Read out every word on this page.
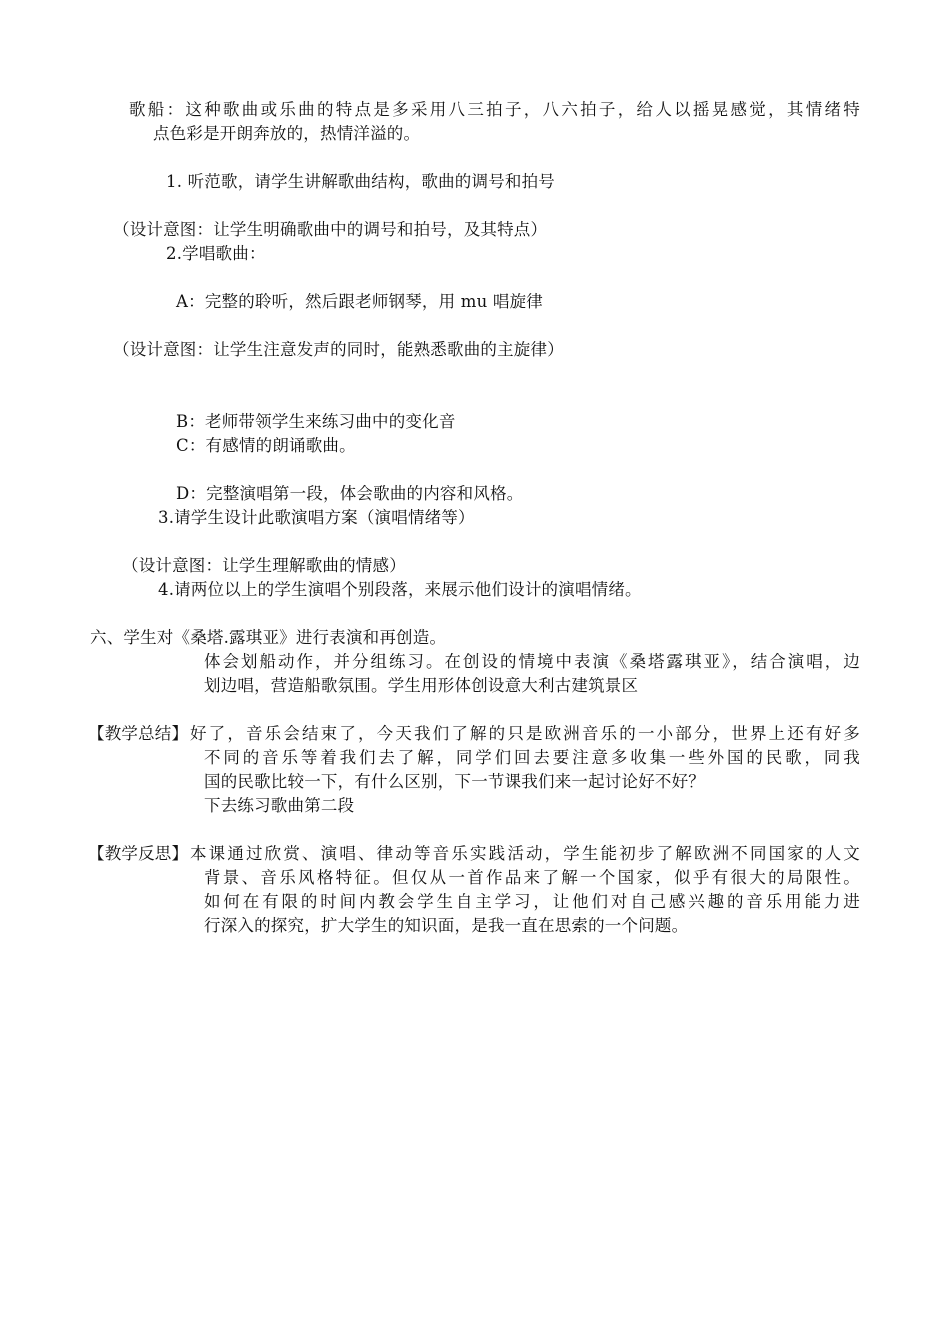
歌船：这种歌曲或乐曲的特点是多采用八三拍子，八六拍子，给人以摇晃感觉，其情绪特
点色彩是开朗奔放的，热情洋溢的。
1. 听范歌，请学生讲解歌曲结构，歌曲的调号和拍号
（设计意图：让学生明确歌曲中的调号和拍号，及其特点）
2.学唱歌曲：
A：完整的聆听，然后跟老师钢琴，用 mu 唱旋律
（设计意图：让学生注意发声的同时，能熟悉歌曲的主旋律）
B：老师带领学生来练习曲中的变化音
C：有感情的朗诵歌曲。
D：完整演唱第一段，体会歌曲的内容和风格。
3.请学生设计此歌演唱方案（演唱情绪等）
（设计意图：让学生理解歌曲的情感）
4.请两位以上的学生演唱个别段落，来展示他们设计的演唱情绪。
六、学生对《桑塔.露琪亚》进行表演和再创造。
体会划船动作，并分组练习。在创设的情境中表演《桑塔露琪亚》，结合演唱，边
划边唱，营造船歌氛围。学生用形体创设意大利古建筑景区
【教学总结】 好了，音乐会结束了，今天我们了解的只是欧洲音乐的一小部分，世界上还有好多
不同的音乐等着我们去了解，同学们回去要注意多收集一些外国的民歌，同我
国的民歌比较一下，有什么区别，下一节课我们来一起讨论好不好？
下去练习歌曲第二段
【教学反思】 本课通过欣赏、演唱、律动等音乐实践活动，学生能初步了解欧洲不同国家的人文
背景、音乐风格特征。但仅从一首作品来了解一个国家，似乎有很大的局限性。
如何在有限的时间内教会学生自主学习，让他们对自己感兴趣的音乐用能力进
行深入的探究，扩大学生的知识面，是我一直在思索的一个问题。
